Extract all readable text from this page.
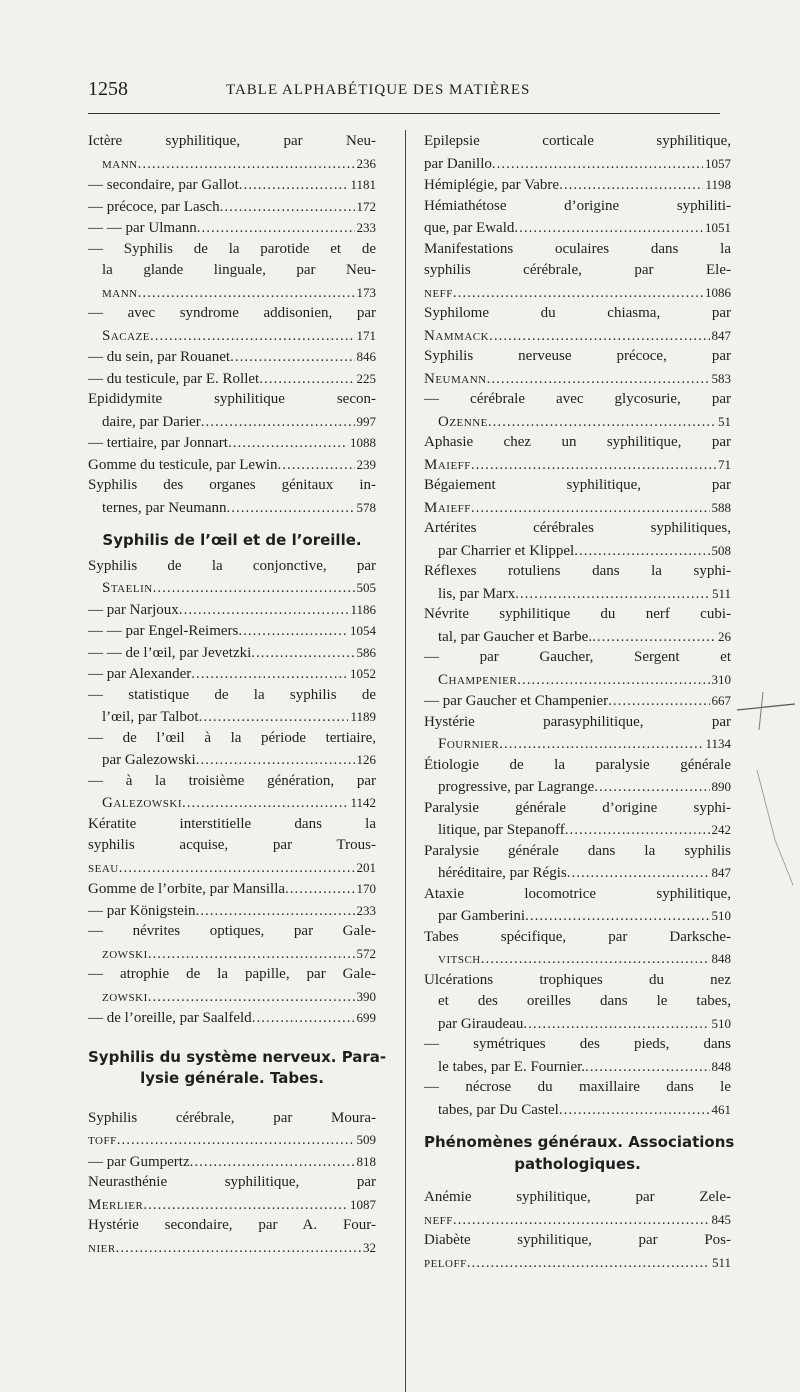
1258	TABLE ALPHABÉTIQUE DES MATIÈRES
Ictère syphilitique, par Neu-
mann .....	236
— secondaire, par Gallot .....	1181
— précoce, par Lasch .....	172
— — par Ulmann .....	233
— Syphilis de la parotide et de
la glande linguale, par Neu-
mann .....	173
— avec syndrome addisonien, par
Sacaze .....	171
— du sein, par Rouanet .....	846
— du testicule, par E. Rollet .....	225
Epididymite syphilitique secon-
daire, par Darier .....	997
— tertiaire, par Jonnart .....	1088
Gomme du testicule, par Lewin .....	239
Syphilis des organes génitaux in-
ternes, par Neumann .....	578
Syphilis de l’œil et de l’oreille.
Syphilis de la conjonctive, par
Staelin .....	505
— par Narjoux .....	1186
— — par Engel-Reimers .....	1054
— — de l’œil, par Jevetzki .....	586
— par Alexander .....	1052
— statistique de la syphilis de
l’œil, par Talbot .....	1189
— de l’œil à la période tertiaire,
par Galezowski .....	126
— à la troisième génération, par
Galezowski .....	1142
Kératite interstitielle dans la
syphilis acquise, par Trous-
seau .....	201
Gomme de l’orbite, par Mansilla .....	170
— par Königstein .....	233
— névrites optiques, par Gale-
zowski .....	572
— atrophie de la papille, par Gale-
zowski .....	390
— de l’oreille, par Saalfeld .....	699
Syphilis du système nerveux. Para-
lysie générale. Tabes.
Syphilis cérébrale, par Moura-
toff .....	509
— par Gumpertz .....	818
Neurasthénie syphilitique, par
Merlier .....	1087
Hystérie secondaire, par A. Four-
nier .....	32
Epilepsie corticale syphilitique,
par Danillo .....	1057
Hémiplégie, par Vabre .....	1198
Hémiathétose d’origine syphiliti-
que, par Ewald .....	1051
Manifestations oculaires dans la
syphilis cérébrale, par Ele-
neff .....	1086
Syphilome du chiasma, par
Nammack .....	847
Syphilis nerveuse précoce, par
Neumann .....	583
— cérébrale avec glycosurie, par
Ozenne .....	51
Aphasie chez un syphilitique, par
Maieff .....	71
Bégaiement syphilitique, par
Maieff .....	588
Artérites cérébrales syphilitiques,
par Charrier et Klippel .....	508
Réflexes rotuliens dans la syphi-
lis, par Marx .....	511
Névrite syphilitique du nerf cubi-
tal, par Gaucher et Barbe. .....	26
— par Gaucher, Sergent et
Champenier .....	310
— par Gaucher et Champenier .....	667
Hystérie parasyphilitique, par
Fournier .....	1134
Étiologie de la paralysie générale
progressive, par Lagrange .....	890
Paralysie générale d’origine syphi-
litique, par Stepanoff .....	242
Paralysie générale dans la syphilis
héréditaire, par Régis .....	847
Ataxie locomotrice syphilitique,
par Gamberini .....	510
Tabes spécifique, par Darksche-
vitsch .....	848
Ulcérations trophiques du nez
et des oreilles dans le tabes,
par Giraudeau .....	510
— symétriques des pieds, dans
le tabes, par E. Fournier. .....	848
— nécrose du maxillaire dans le
tabes, par Du Castel .....	461
Phénomènes généraux. Associations
pathologiques.
Anémie syphilitique, par Zele-
neff .....	845
Diabète syphilitique, par Pos-
peloff .....	511
